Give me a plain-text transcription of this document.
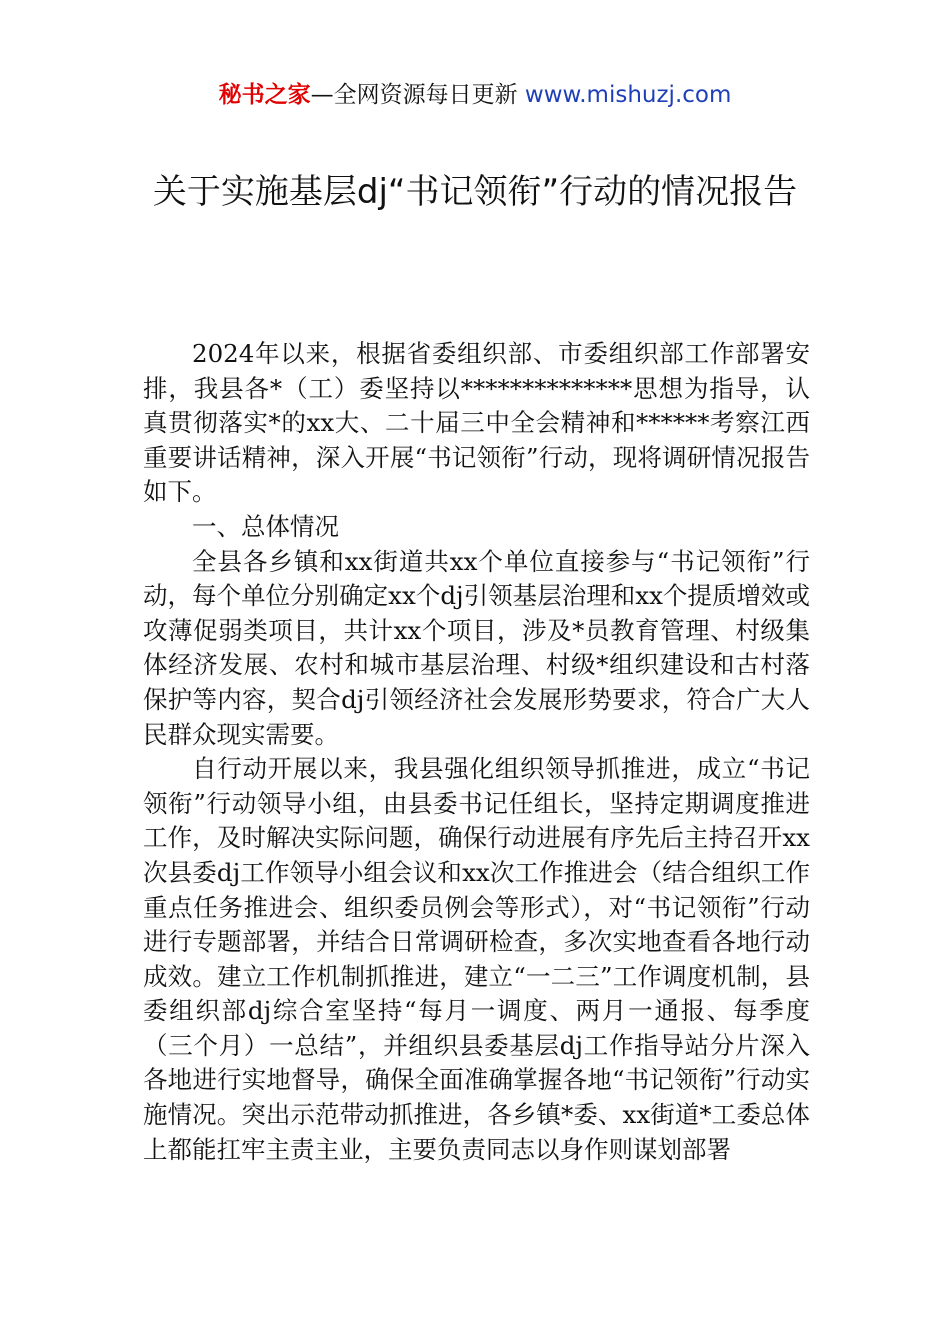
秘书之家—全网资源每日更新 www.mishuzj.com
关于实施基层dj“书记领衔”行动的情况报告

2024年以来，根据省委组织部、市委组织部工作部署安排，我县各*（工）委坚持以**************思想为指导，认真贯彻落实*的xx大、二十届三中全会精神和******考察江西重要讲话精神，深入开展“书记领衔”行动，现将调研情况报告如下。

一、总体情况

全县各乡镇和xx街道共xx个单位直接参与“书记领衔”行动，每个单位分别确定xx个dj引领基层治理和xx个提质增效或攻薄促弱类项目，共计xx个项目，涉及*员教育管理、村级集体经济发展、农村和城市基层治理、村级*组织建设和古村落保护等内容，契合dj引领经济社会发展形势要求，符合广大人民群众现实需要。

自行动开展以来，我县强化组织领导抓推进，成立“书记领衔”行动领导小组，由县委书记任组长，坚持定期调度推进工作，及时解决实际问题，确保行动进展有序先后主持召开xx次县委dj工作领导小组会议和xx次工作推进会（结合组织工作重点任务推进会、组织委员例会等形式），对“书记领衔”行动进行专题部署，并结合日常调研检查，多次实地查看各地行动成效。建立工作机制抓推进，建立“一二三”工作调度机制，县委组织部dj综合室坚持“每月一调度、两月一通报、每季度（三个月）一总结”，并组织县委基层dj工作指导站分片深入各地进行实地督导，确保全面准确掌握各地“书记领衔”行动实施情况。突出示范带动抓推进，各乡镇*委、xx街道*工委总体上都能扛牢主责主业，主要负责同志以身作则谋划部署
